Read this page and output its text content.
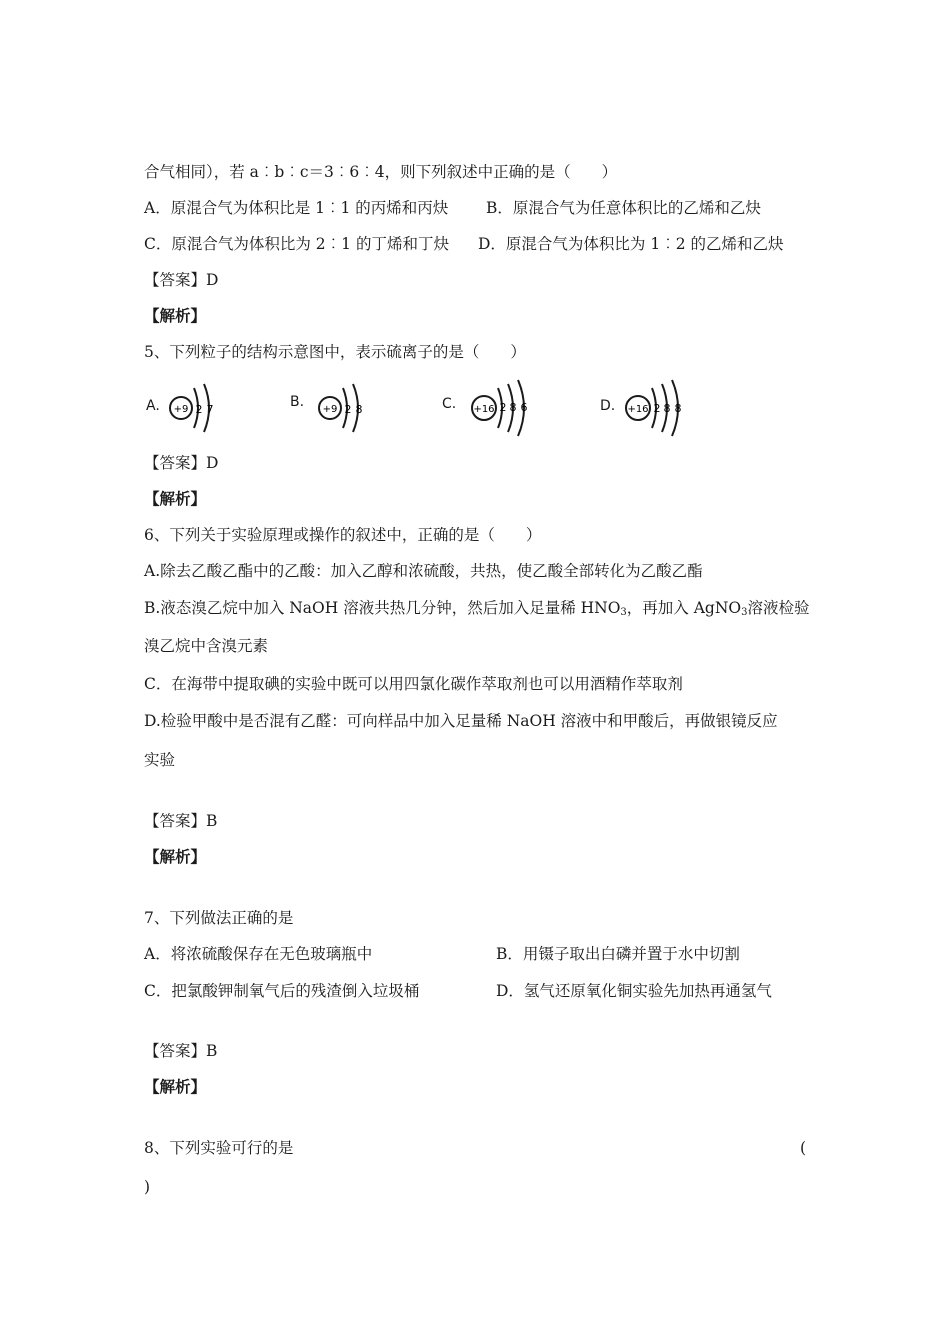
合气相同），若 a︰b︰c＝3︰6︰4，则下列叙述中正确的是（　　）
A．原混合气为体积比是 1︰1 的丙烯和丙炔 B．原混合气为任意体积比的乙烯和乙炔
C．原混合气为体积比为 2︰1 的丁烯和丁炔 D．原混合气为体积比为 1︰2 的乙烯和乙炔
【答案】D
【解析】
5、下列粒子的结构示意图中，表示硫离子的是（　　）
A. +9 2 7	B. +9 2 8	C. +16 2 8 6	D. +16 2 8 8
【答案】D
【解析】
6、下列关于实验原理或操作的叙述中，正确的是（　　）
A.除去乙酸乙酯中的乙酸：加入乙醇和浓硫酸，共热，使乙酸全部转化为乙酸乙酯
B.液态溴乙烷中加入 NaOH 溶液共热几分钟，然后加入足量稀 $HNO_3$，再加入 AgNO$_3$溶液检验
溴乙烷中含溴元素
C．在海带中提取碘的实验中既可以用四氯化碳作萃取剂也可以用酒精作萃取剂
D.检验甲酸中是否混有乙醛：可向样品中加入足量稀 NaOH 溶液中和甲酸后，再做银镜反应
实验
【答案】B
【解析】
7、下列做法正确的是
A．将浓硫酸保存在无色玻璃瓶中	B．用镊子取出白磷并置于水中切割
C．把氯酸钾制氧气后的残渣倒入垃圾桶	D．氢气还原氧化铜实验先加热再通氢气
【答案】B
【解析】
8、下列实验可行的是	(
)
